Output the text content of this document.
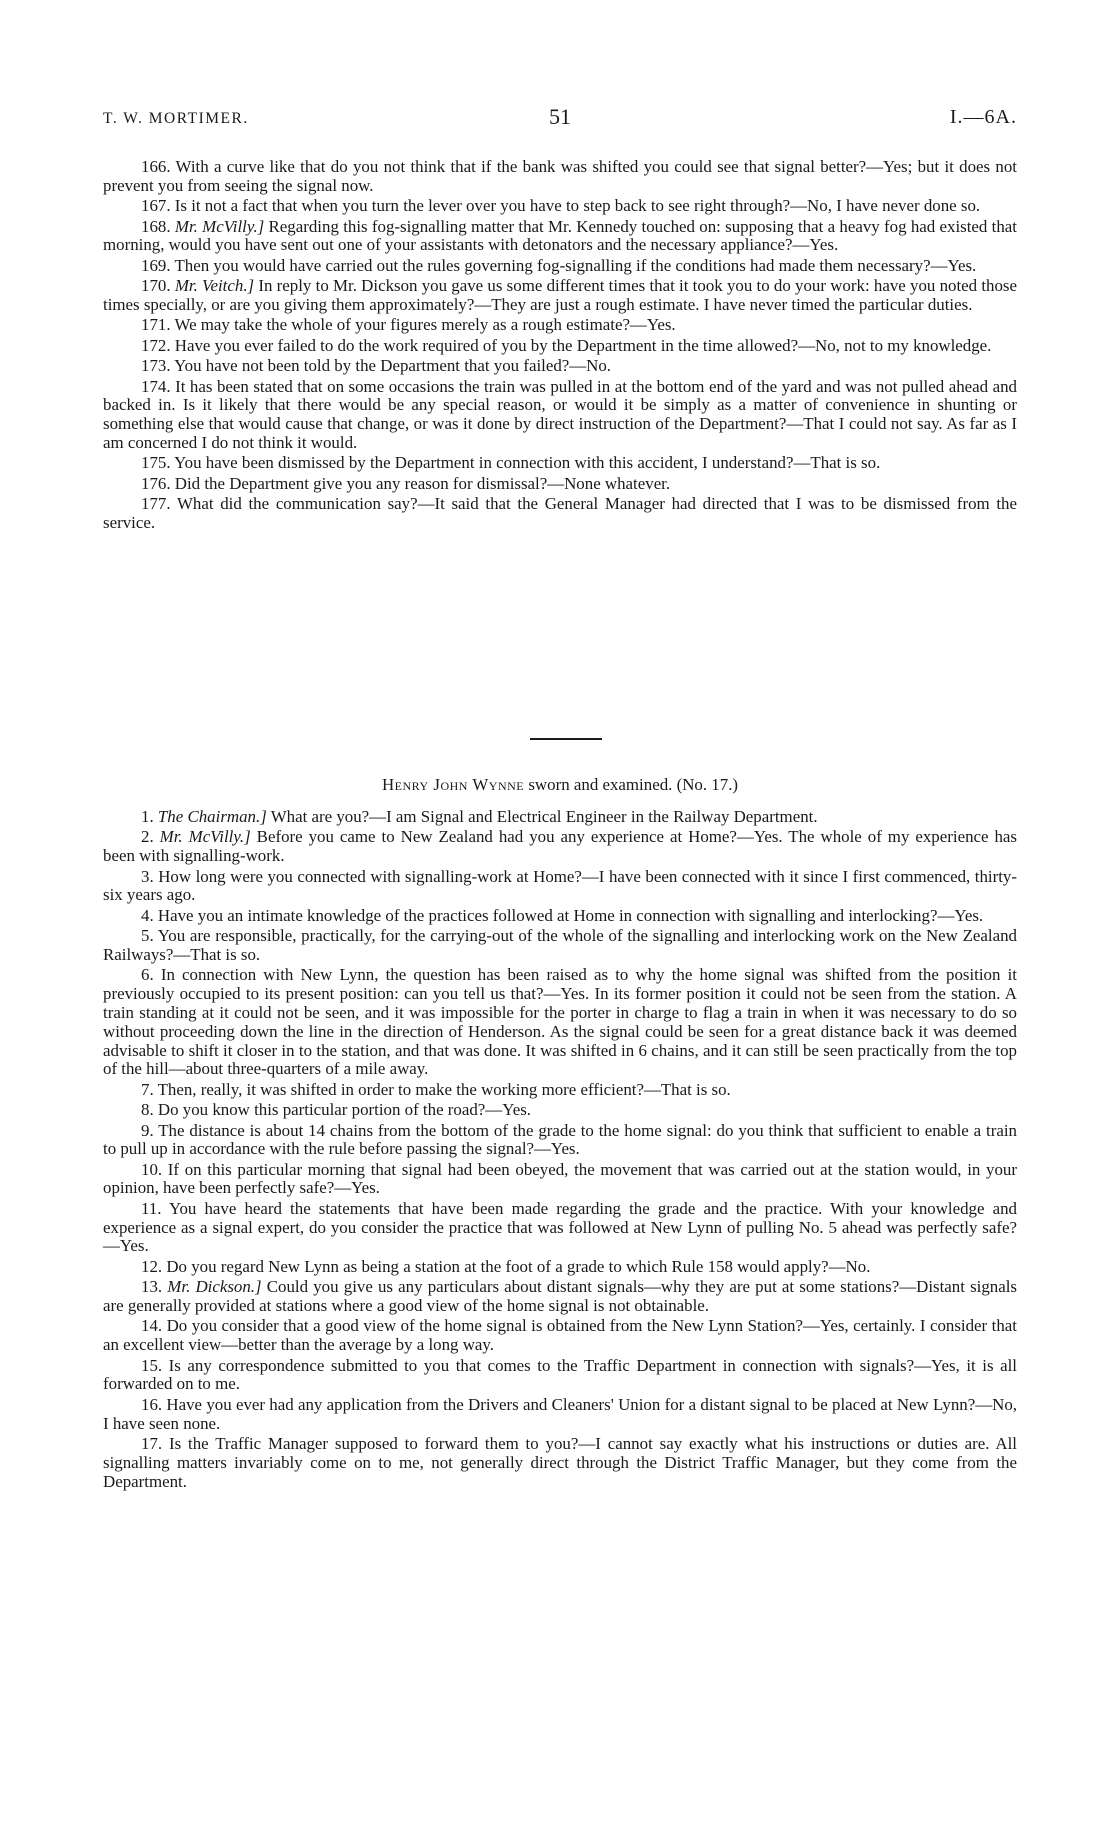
T. W. MORTIMER.	51	I.—6A.

166. With a curve like that do you not think that if the bank was shifted you could see that signal better?—Yes; but it does not prevent you from seeing the signal now.

167. Is it not a fact that when you turn the lever over you have to step back to see right through?—No, I have never done so.

168. Mr. McVilly.] Regarding this fog-signalling matter that Mr. Kennedy touched on: supposing that a heavy fog had existed that morning, would you have sent out one of your assistants with detonators and the necessary appliance?—Yes.

169. Then you would have carried out the rules governing fog-signalling if the conditions had made them necessary?—Yes.

170. Mr. Veitch.] In reply to Mr. Dickson you gave us some different times that it took you to do your work: have you noted those times specially, or are you giving them approximately?—They are just a rough estimate. I have never timed the particular duties.

171. We may take the whole of your figures merely as a rough estimate?—Yes.

172. Have you ever failed to do the work required of you by the Department in the time allowed?—No, not to my knowledge.

173. You have not been told by the Department that you failed?—No.

174. It has been stated that on some occasions the train was pulled in at the bottom end of the yard and was not pulled ahead and backed in. Is it likely that there would be any special reason, or would it be simply as a matter of convenience in shunting or something else that would cause that change, or was it done by direct instruction of the Department?—That I could not say. As far as I am concerned I do not think it would.

175. You have been dismissed by the Department in connection with this accident, I understand?—That is so.

176. Did the Department give you any reason for dismissal?—None whatever.

177. What did the communication say?—It said that the General Manager had directed that I was to be dismissed from the service.

Henry John Wynne sworn and examined. (No. 17.)

1. The Chairman.] What are you?—I am Signal and Electrical Engineer in the Railway Department.

2. Mr. McVilly.] Before you came to New Zealand had you any experience at Home?—Yes. The whole of my experience has been with signalling-work.

3. How long were you connected with signalling-work at Home?—I have been connected with it since I first commenced, thirty-six years ago.

4. Have you an intimate knowledge of the practices followed at Home in connection with signalling and interlocking?—Yes.

5. You are responsible, practically, for the carrying-out of the whole of the signalling and interlocking work on the New Zealand Railways?—That is so.

6. In connection with New Lynn, the question has been raised as to why the home signal was shifted from the position it previously occupied to its present position: can you tell us that?—Yes. In its former position it could not be seen from the station. A train standing at it could not be seen, and it was impossible for the porter in charge to flag a train in when it was necessary to do so without proceeding down the line in the direction of Henderson. As the signal could be seen for a great distance back it was deemed advisable to shift it closer in to the station, and that was done. It was shifted in 6 chains, and it can still be seen practically from the top of the hill—about three-quarters of a mile away.

7. Then, really, it was shifted in order to make the working more efficient?—That is so.

8. Do you know this particular portion of the road?—Yes.

9. The distance is about 14 chains from the bottom of the grade to the home signal: do you think that sufficient to enable a train to pull up in accordance with the rule before passing the signal?—Yes.

10. If on this particular morning that signal had been obeyed, the movement that was carried out at the station would, in your opinion, have been perfectly safe?—Yes.

11. You have heard the statements that have been made regarding the grade and the practice. With your knowledge and experience as a signal expert, do you consider the practice that was followed at New Lynn of pulling No. 5 ahead was perfectly safe?—Yes.

12. Do you regard New Lynn as being a station at the foot of a grade to which Rule 158 would apply?—No.

13. Mr. Dickson.] Could you give us any particulars about distant signals—why they are put at some stations?—Distant signals are generally provided at stations where a good view of the home signal is not obtainable.

14. Do you consider that a good view of the home signal is obtained from the New Lynn Station?—Yes, certainly. I consider that an excellent view—better than the average by a long way.

15. Is any correspondence submitted to you that comes to the Traffic Department in connection with signals?—Yes, it is all forwarded on to me.

16. Have you ever had any application from the Drivers and Cleaners' Union for a distant signal to be placed at New Lynn?—No, I have seen none.

17. Is the Traffic Manager supposed to forward them to you?—I cannot say exactly what his instructions or duties are. All signalling matters invariably come on to me, not generally direct through the District Traffic Manager, but they come from the Department.
